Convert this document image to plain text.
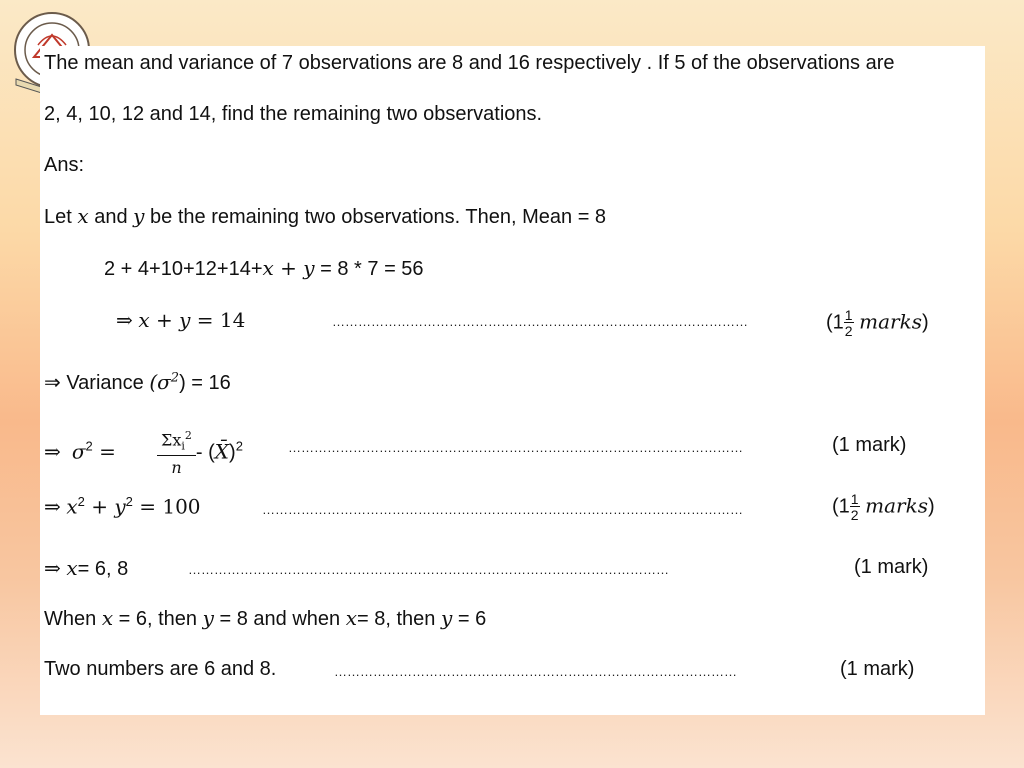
The mean and variance of 7 observations are 8 and 16 respectively . If 5 of the observations are
2, 4, 10, 12 and 14, find the remaining two observations.
Ans:
Let x and y be the remaining two observations. Then, Mean = 8
2 + 4+10+12+14+x + y = 8 * 7 = 56
⇒ x + y = 14	……………………………………………………………………………………	($1 \frac{1}{2}$ marks)
⇒ Variance $(\sigma^2) = 16$
⇒ $\sigma^2$ =	$\Sigma x_i^2$
n
- (X̄)$^2$	……………………………………………………………………………………………	(1 mark)
⇒ $x^2 + y^2 = 100$	…………………………………………………………………………………………………	($1 \frac{1}{2}$ marks)
⇒ x= 6, 8	…………………………………………………………………………………………………	(1 mark)
When x = 6, then y = 8 and when x= 8, then y = 6
Two numbers are 6 and 8.	…………………………………………………………………………………	(1 mark)
